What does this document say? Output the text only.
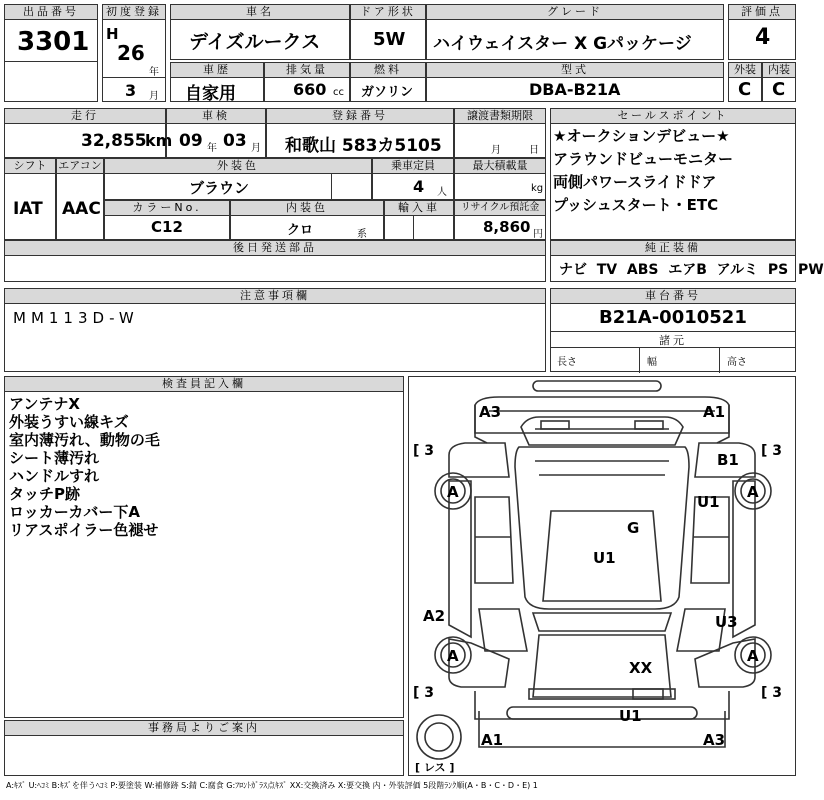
出品番号
3301
初度登録
H
26
年
3 月
車名
デイズルークス
ドア形状
5W
グレード
ハイウェイスター X Gパッケージ
評価点
4
車歴
自家用
排気量
660 cc
燃料
ガソリン
型式
DBA-B21A
外装
C
内装
C
走行
32,855
km
車検
09 年 03 月
登録番号
和歌山 583カ5105
譲渡書類期限
月	日
シフト
IAT
エアコン
AAC
外装色
ブラウン
乗車定員
4 人
最大積載量
kg
カラーNo.
C12
内装色
クロ	系
輸入車	リサイクル預託金
8,860 円
後日発送部品
セールスポイント
★オークションデビュー★
アラウンドビューモニター
両側パワースライドドア
プッシュスタート・ETC
純正装備
ナビ TV ABS エアB アルミ PS PW
注意事項欄
MM113D-W
車台番号
B21A-0010521
諸元
長さ	幅	高さ
検査員記入欄
アンテナX
外装うすい線キズ
室内薄汚れ、動物の毛
シート薄汚れ
ハンドルすれ
タッチP跡
ロッカーカバー下A
リアスポイラー色褪せ
事務局よりご案内
A3	A1
B1
U1
G
U1
A2	U3
XX
U1
A1	A3
A	A
A	A
[ 3	[ 3
[ 3	[ 3
[ レス ]
A:ｷｽﾞ U:ﾍｺﾐ B:ｷｽﾞを伴うﾍｺﾐ P:要塗装 W:補修跡 S:錆 C:腐食 G:ﾌﾛﾝﾄｶﾞﾗｽ点ｷｽﾞ XX:交換済み X:要交換 内・外装評価 5段階ﾗﾝｸ順(A・B・C・D・E) 1
